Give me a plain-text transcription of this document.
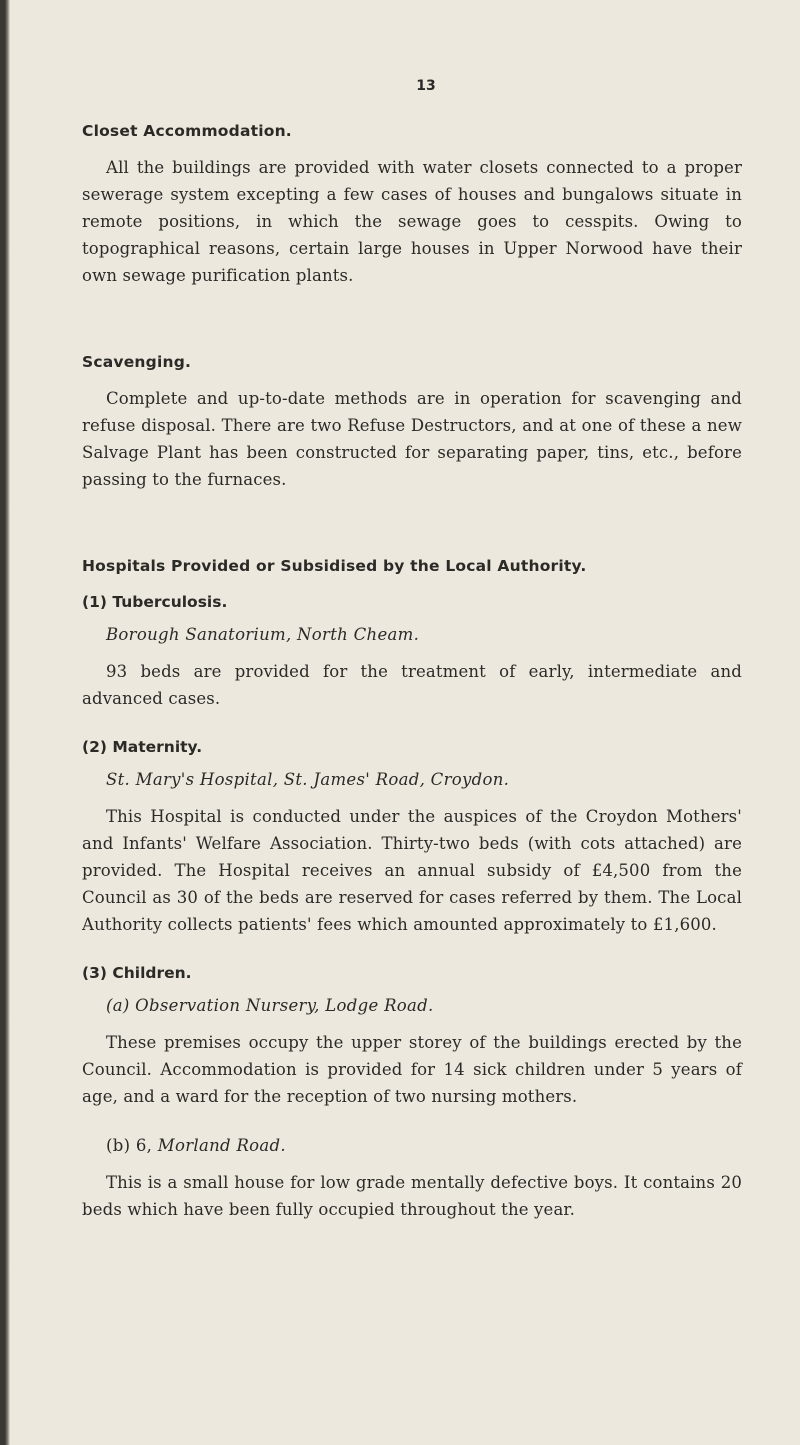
13
Closet Accommodation.

All the buildings are provided with water closets connected to a proper sewerage system excepting a few cases of houses and bungalows situate in remote positions, in which the sewage goes to cesspits. Owing to topographical reasons, certain large houses in Upper Norwood have their own sewage purification plants.

Scavenging.

Complete and up-to-date methods are in operation for scavenging and refuse disposal. There are two Refuse Destructors, and at one of these a new Salvage Plant has been constructed for separating paper, tins, etc., before passing to the furnaces.

Hospitals Provided or Subsidised by the Local Authority.
(1) Tuberculosis.
Borough Sanatorium, North Cheam.

93 beds are provided for the treatment of early, intermediate and advanced cases.

(2) Maternity.
St. Mary's Hospital, St. James' Road, Croydon.

This Hospital is conducted under the auspices of the Croydon Mothers' and Infants' Welfare Association. Thirty-two beds (with cots attached) are provided. The Hospital receives an annual subsidy of £4,500 from the Council as 30 of the beds are reserved for cases referred by them. The Local Authority collects patients' fees which amounted approximately to £1,600.

(3) Children.
(a) Observation Nursery, Lodge Road.

These premises occupy the upper storey of the buildings erected by the Council. Accommodation is provided for 14 sick children under 5 years of age, and a ward for the reception of two nursing mothers.

(b) 6, Morland Road.

This is a small house for low grade mentally defective boys. It contains 20 beds which have been fully occupied throughout the year.
